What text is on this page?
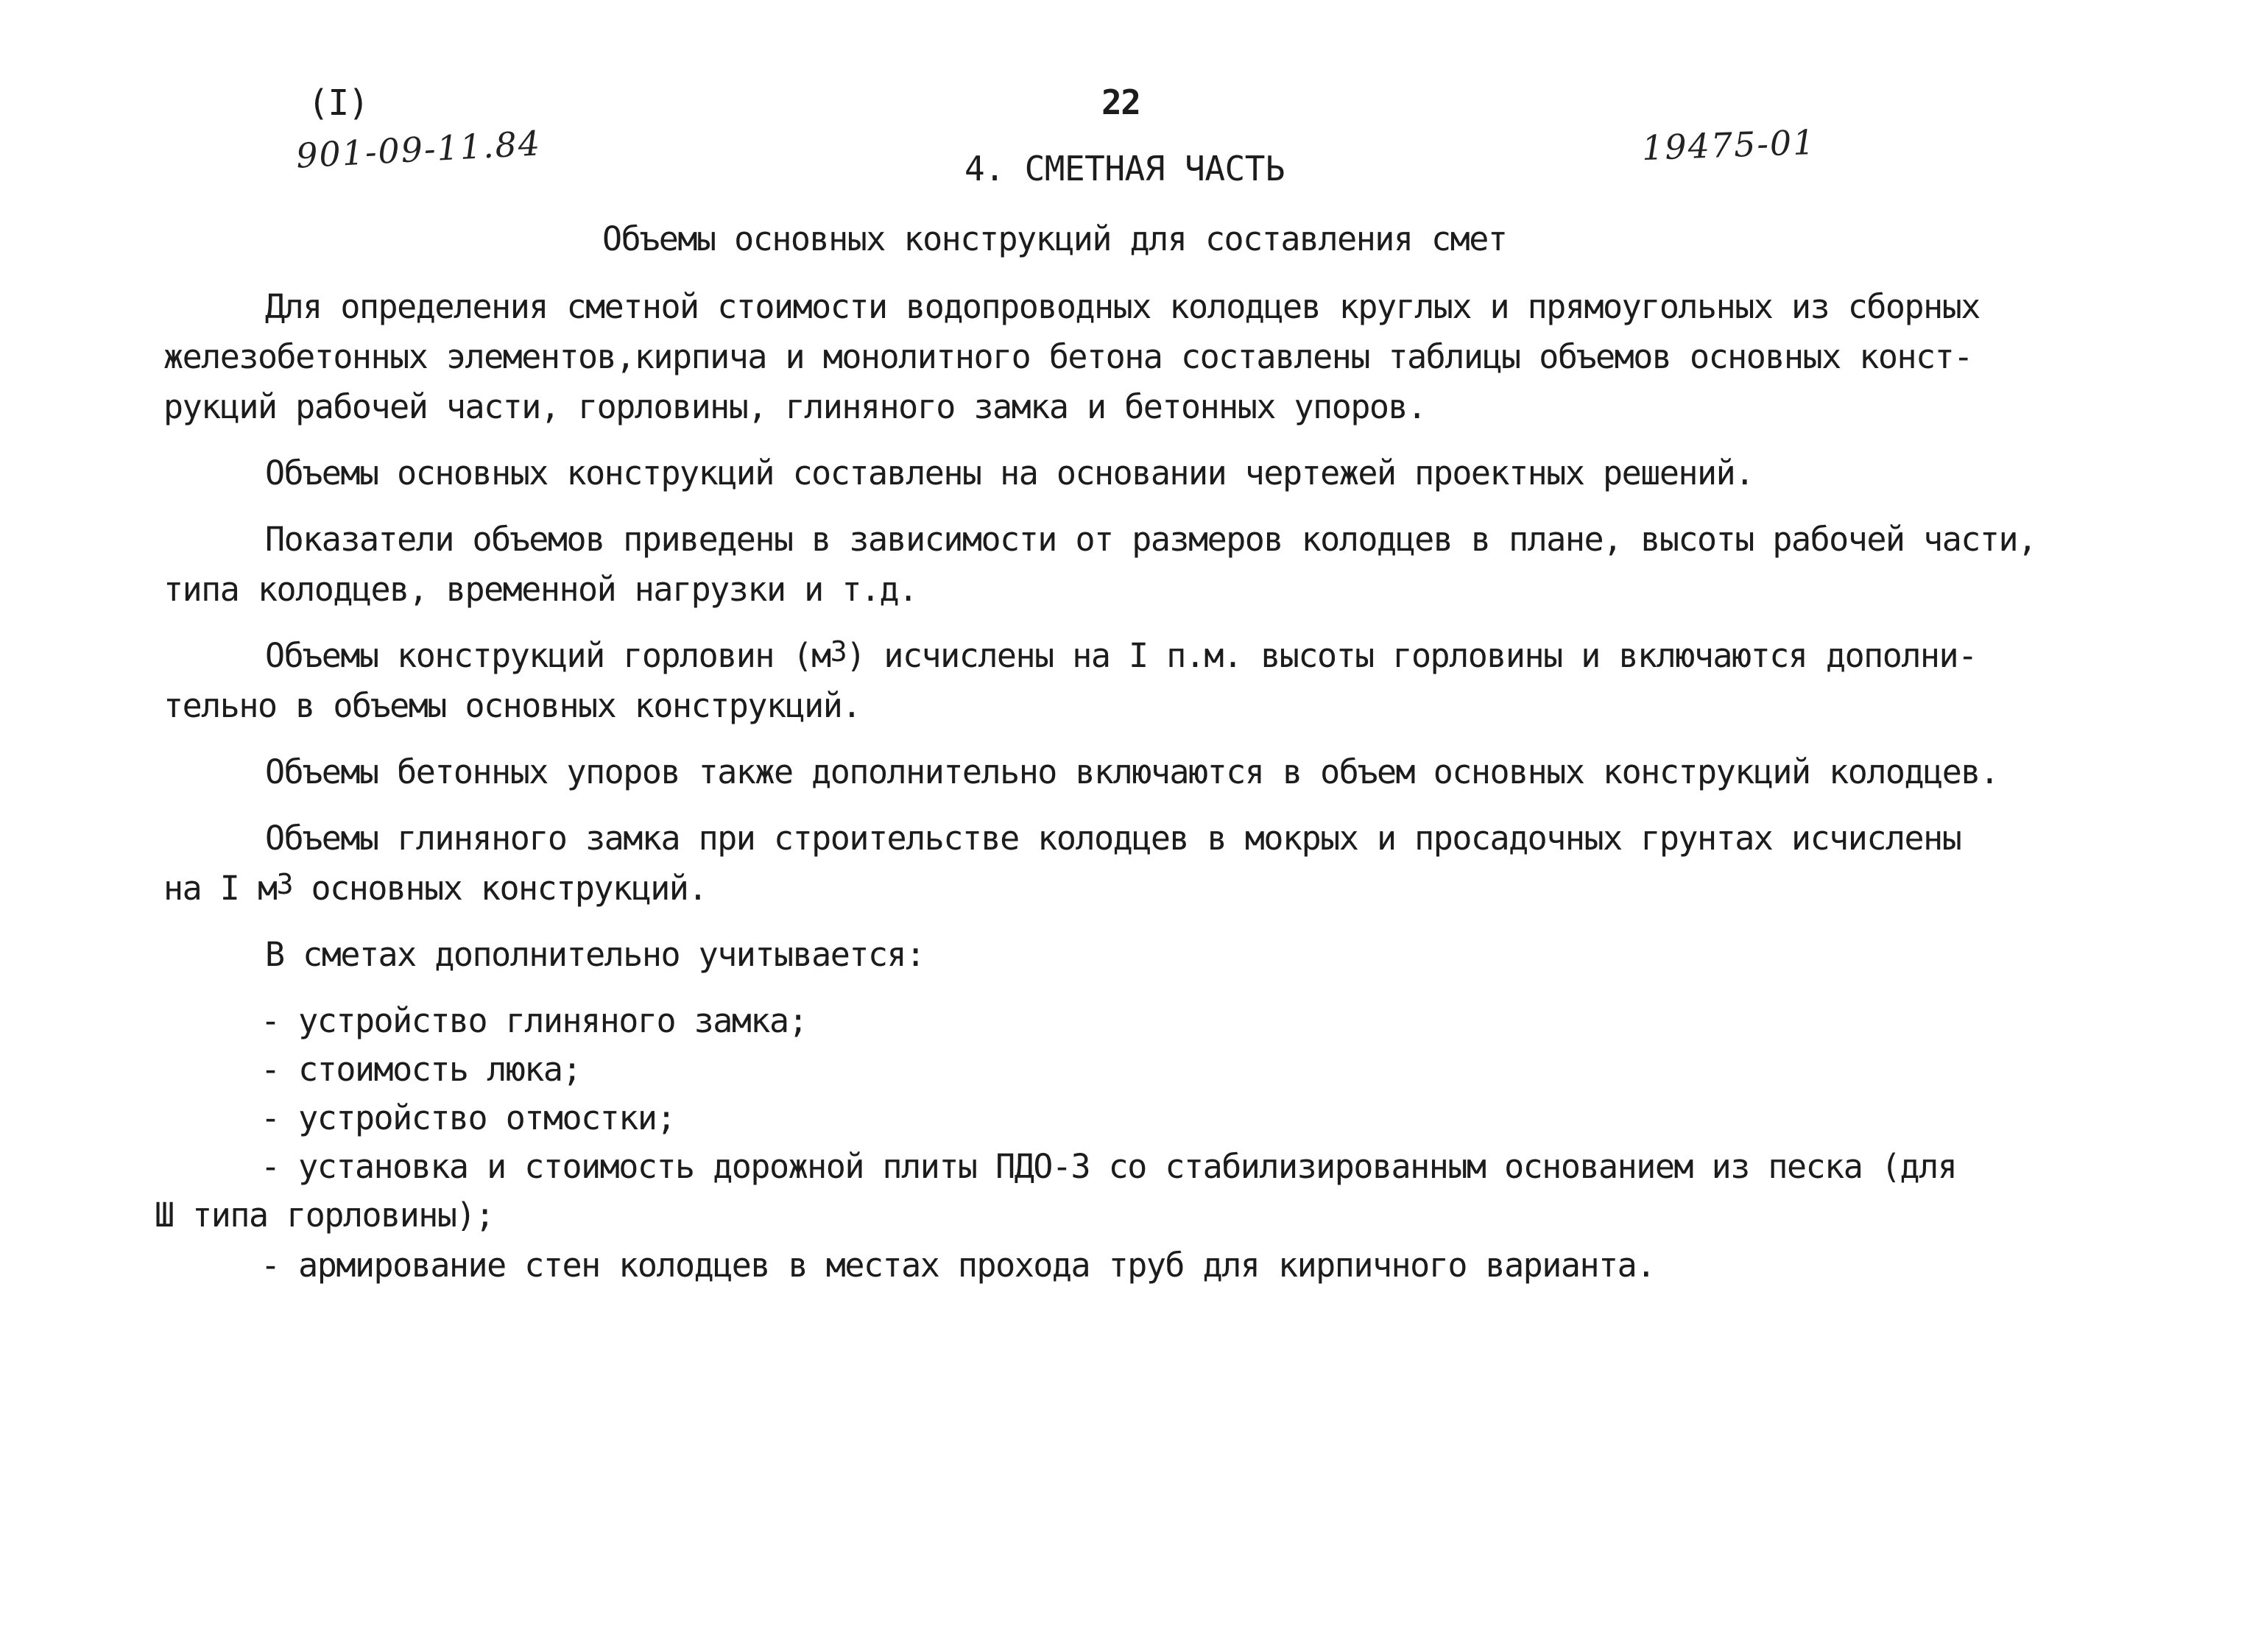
(I)
901-09-11.84
22
19475-01
4. СМЕТНАЯ ЧАСТЬ
Объемы основных конструкций для составления смет
Для определения сметной стоимости водопроводных колодцев круглых и прямоугольных из сборных
железобетонных элементов,кирпича и монолитного бетона составлены таблицы объемов основных конст-
рукций рабочей части, горловины, глиняного замка и бетонных упоров.
Объемы основных конструкций составлены на основании чертежей проектных решений.
Показатели объемов приведены в зависимости от размеров колодцев в плане, высоты рабочей части,
типа колодцев, временной нагрузки и т.д.
Объемы конструкций горловин $(м^3)$ исчислены на I п.м. высоты горловины и включаются дополни-
тельно в объемы основных конструкций.
Объемы бетонных упоров также дополнительно включаются в объем основных конструкций колодцев.
Объемы глиняного замка при строительстве колодцев в мокрых и просадочных грунтах исчислены
на I $м^3$ основных конструкций.
В сметах дополнительно учитывается:
- устройство глиняного замка;
- стоимость люка;
- устройство отмостки;
- установка и стоимость дорожной плиты ПДО-3 со стабилизированным основанием из песка (для
Ш типа горловины);
- армирование стен колодцев в местах прохода труб для кирпичного варианта.
